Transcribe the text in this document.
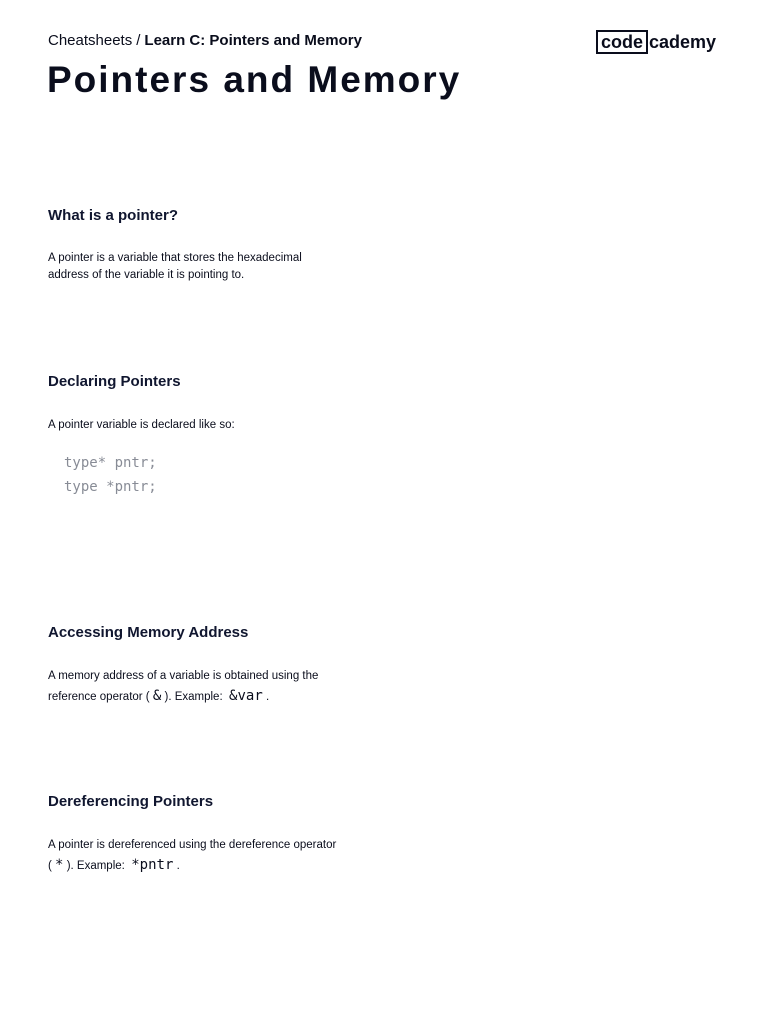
Cheatsheets / Learn C: Pointers and Memory	code cademy
Pointers and Memory
What is a pointer?

A pointer is a variable that stores the hexadecimal address of the variable it is pointing to.

Declaring Pointers

A pointer variable is declared like so:

type* pntr;
type *pntr;
Accessing Memory Address

A memory address of a variable is obtained using the reference operator ( & ). Example: &var .

Dereferencing Pointers

A pointer is dereferenced using the dereference operator ( * ). Example: *pntr .
